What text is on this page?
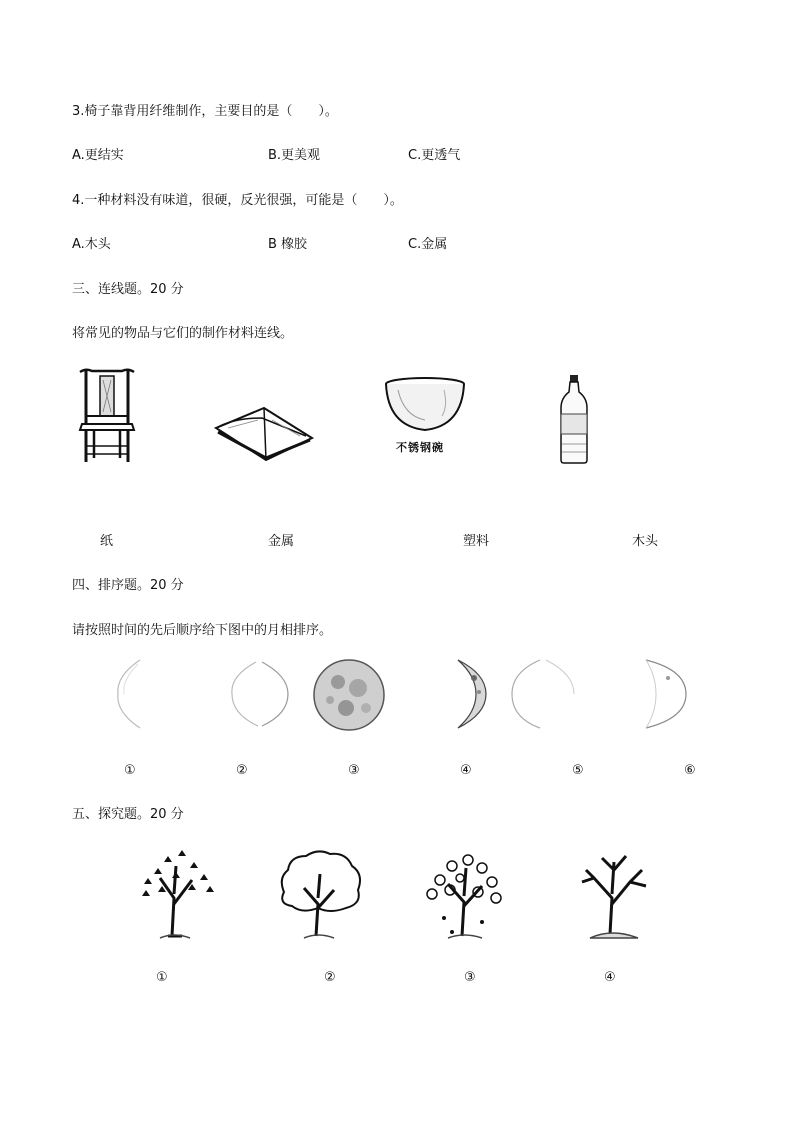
3.椅子靠背用纤维制作，主要目的是（　　）。
A.更结实	B.更美观	C.更透气
4.一种材料没有味道，很硬，反光很强，可能是（　　）。
A.木头	B 橡胶	C.金属
三、连线题。20 分
将常见的物品与它们的制作材料连线。
不锈钢碗
纸	金属	塑料	木头
四、排序题。20 分
请按照时间的先后顺序给下图中的月相排序。
①	②	③	④	⑤	⑥
五、探究题。20 分
①	②	③	④
